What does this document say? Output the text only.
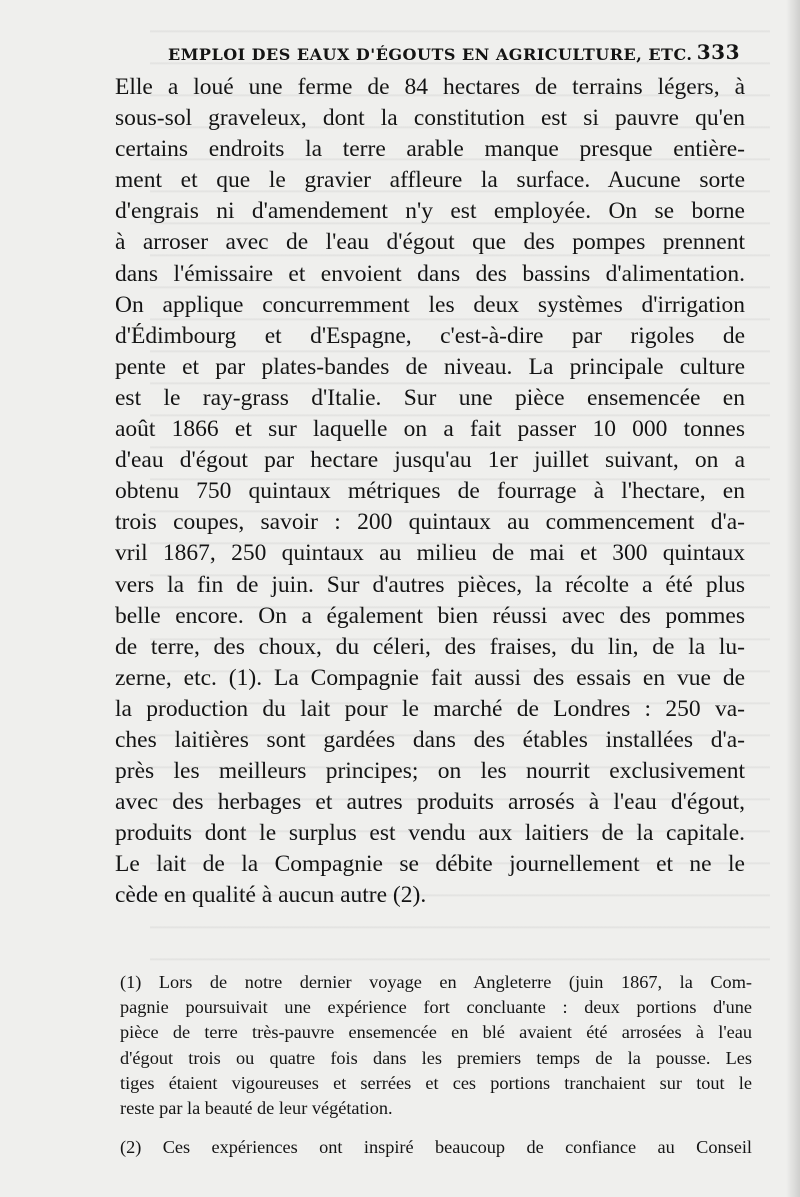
EMPLOI DES EAUX D'ÉGOUTS EN AGRICULTURE, ETC. 333
Elle a loué une ferme de 84 hectares de terrains légers, à
sous-sol graveleux, dont la constitution est si pauvre qu'en
certains endroits la terre arable manque presque entière-
ment et que le gravier affleure la surface. Aucune sorte
d'engrais ni d'amendement n'y est employée. On se borne
à arroser avec de l'eau d'égout que des pompes prennent
dans l'émissaire et envoient dans des bassins d'alimentation.
On applique concurremment les deux systèmes d'irrigation
d'Édimbourg et d'Espagne, c'est-à-dire par rigoles de
pente et par plates-bandes de niveau. La principale culture
est le ray-grass d'Italie. Sur une pièce ensemencée en
août 1866 et sur laquelle on a fait passer 10 000 tonnes
d'eau d'égout par hectare jusqu'au 1er juillet suivant, on a
obtenu 750 quintaux métriques de fourrage à l'hectare, en
trois coupes, savoir : 200 quintaux au commencement d'a-
vril 1867, 250 quintaux au milieu de mai et 300 quintaux
vers la fin de juin. Sur d'autres pièces, la récolte a été plus
belle encore. On a également bien réussi avec des pommes
de terre, des choux, du céleri, des fraises, du lin, de la lu-
zerne, etc. (1). La Compagnie fait aussi des essais en vue de
la production du lait pour le marché de Londres : 250 va-
ches laitières sont gardées dans des étables installées d'a-
près les meilleurs principes; on les nourrit exclusivement
avec des herbages et autres produits arrosés à l'eau d'égout,
produits dont le surplus est vendu aux laitiers de la capitale.
Le lait de la Compagnie se débite journellement et ne le
cède en qualité à aucun autre (2).
(1) Lors de notre dernier voyage en Angleterre (juin 1867, la Com-
pagnie poursuivait une expérience fort concluante : deux portions d'une
pièce de terre très-pauvre ensemencée en blé avaient été arrosées à l'eau
d'égout trois ou quatre fois dans les premiers temps de la pousse. Les
tiges étaient vigoureuses et serrées et ces portions tranchaient sur tout le
reste par la beauté de leur végétation.
(2) Ces expériences ont inspiré beaucoup de confiance au Conseil
